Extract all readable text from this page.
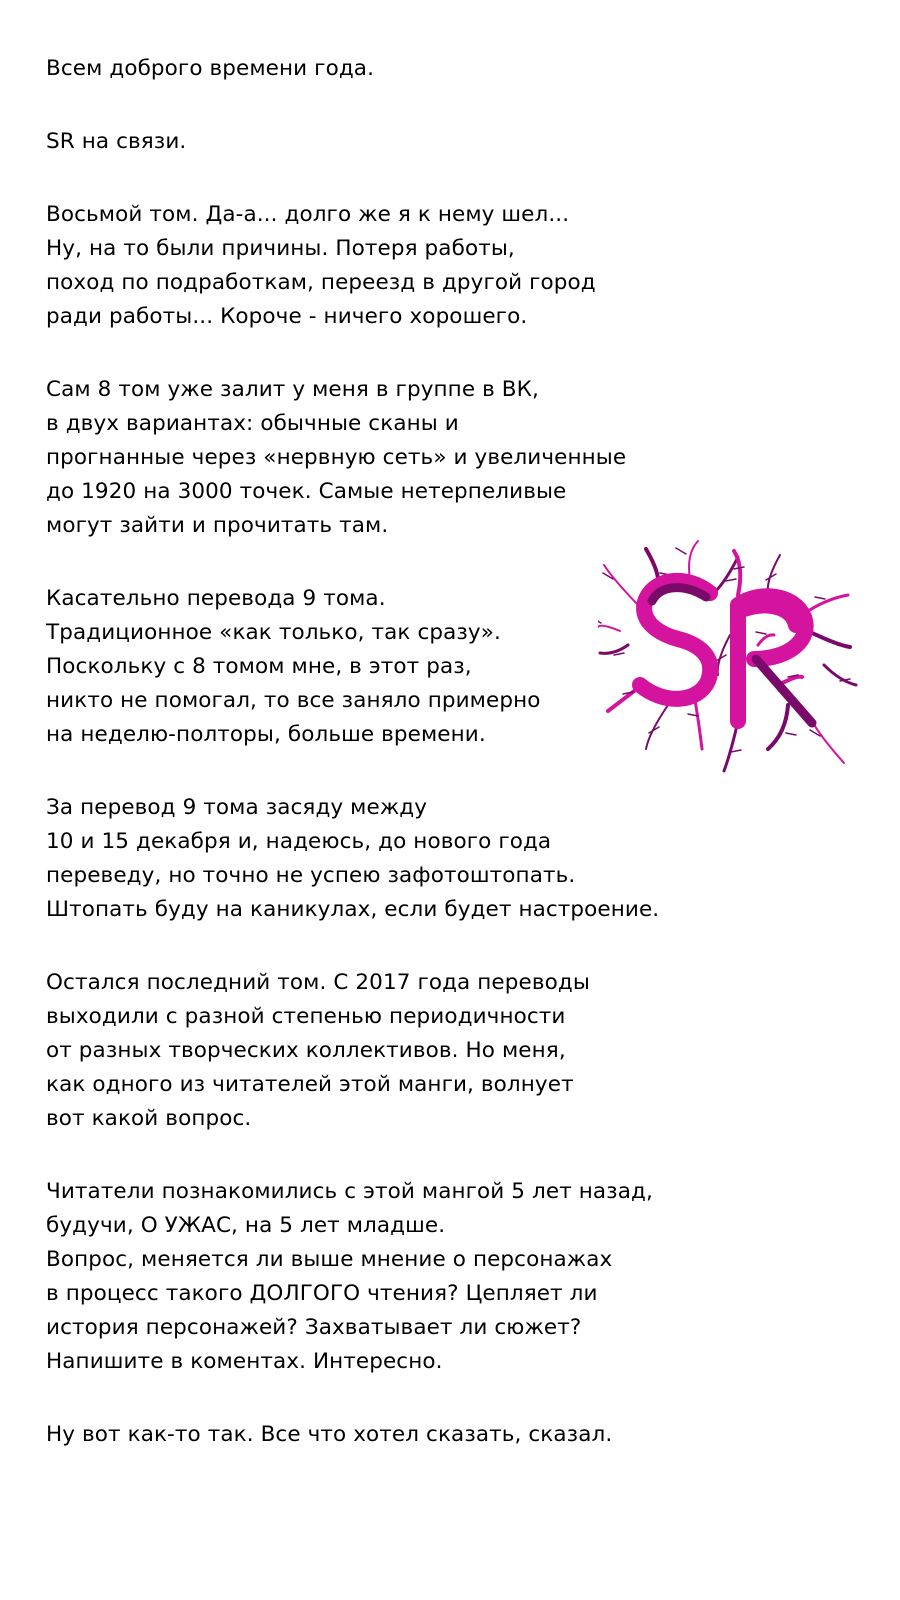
Всем доброго времени года.
SR на связи.
Восьмой том. Да-а... долго же я к нему шел...
Ну, на то были причины. Потеря работы,
поход по подработкам, переезд в другой город
ради работы... Короче - ничего хорошего.
Сам 8 том уже залит у меня в группе в ВК,
в двух вариантах: обычные сканы и
прогнанные через «нервную сеть» и увеличенные
до 1920 на 3000 точек. Самые нетерпеливые
могут зайти и прочитать там.
Касательно перевода 9 тома.
Традиционное «как только, так сразу».
Поскольку с 8 томом мне, в этот раз,
никто не помогал, то все заняло примерно
на неделю-полторы, больше времени.
За перевод 9 тома засяду между
10 и 15 декабря и, надеюсь, до нового года
переведу, но точно не успею зафотоштопать.
Штопать буду на каникулах, если будет настроение.
Остался последний том. С 2017 года переводы
выходили с разной степенью периодичности
от разных творческих коллективов. Но меня,
как одного из читателей этой манги, волнует
вот какой вопрос.
Читатели познакомились с этой мангой 5 лет назад,
будучи, О УЖАС, на 5 лет младше.
Вопрос, меняется ли выше мнение о персонажах
в процесс такого ДОЛГОГО чтения? Цепляет ли
история персонажей? Захватывает ли сюжет?
Напишите в коментах. Интересно.
Ну вот как-то так. Все что хотел сказать, сказал.
